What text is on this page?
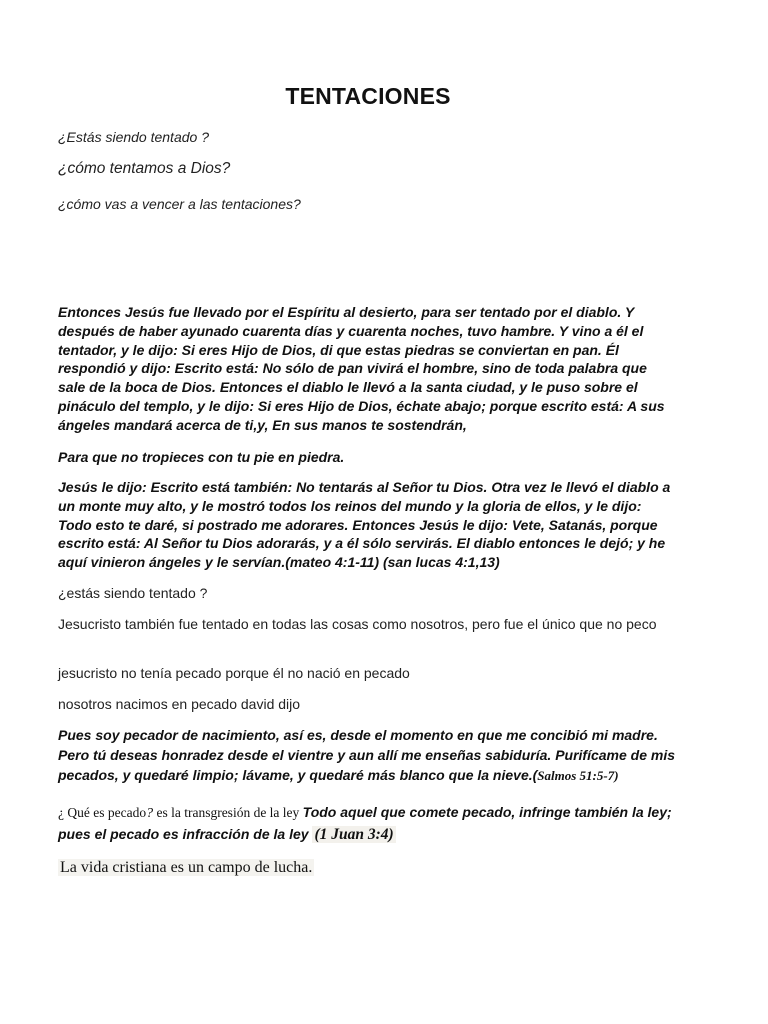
TENTACIONES
¿Estás siendo tentado ?
¿cómo tentamos a Dios?
¿cómo vas a vencer a las tentaciones?
Entonces Jesús fue llevado por el Espíritu al desierto, para ser tentado por el diablo. Y después de haber ayunado cuarenta días y cuarenta noches, tuvo hambre. Y vino a él el tentador, y le dijo: Si eres Hijo de Dios, di que estas piedras se conviertan en pan. Él respondió y dijo: Escrito está: No sólo de pan vivirá el hombre, sino de toda palabra que sale de la boca de Dios. Entonces el diablo le llevó a la santa ciudad, y le puso sobre el pináculo del templo, y le dijo: Si eres Hijo de Dios, échate abajo; porque escrito está: A sus ángeles mandará acerca de ti,y, En sus manos te sostendrán,
Para que no tropieces con tu pie en piedra.
Jesús le dijo: Escrito está también: No tentarás al Señor tu Dios. Otra vez le llevó el diablo a un monte muy alto, y le mostró todos los reinos del mundo y la gloria de ellos, y le dijo: Todo esto te daré, si postrado me adorares. Entonces Jesús le dijo: Vete, Satanás, porque escrito está: Al Señor tu Dios adorarás, y a él sólo servirás. El diablo entonces le dejó; y he aquí vinieron ángeles y le servían.(mateo 4:1-11) (san lucas 4:1,13)
¿estás siendo tentado ?
Jesucristo también fue tentado en todas las cosas como nosotros, pero fue el único que no peco
jesucristo no tenía pecado porque él no nació en pecado
nosotros nacimos en pecado david dijo
Pues soy pecador de nacimiento, así es, desde el momento en que me concibió mi madre. Pero tú deseas honradez desde el vientre y aun allí me enseñas sabiduría. Purifícame de mis pecados, y quedaré limpio; lávame, y quedaré más blanco que la nieve.(Salmos 51:5-7)
¿ Qué es pecado? es la transgresión de la ley Todo aquel que comete pecado, infringe también la ley; pues el pecado es infracción de la ley (1 Juan 3:4)
La vida cristiana es un campo de lucha.
